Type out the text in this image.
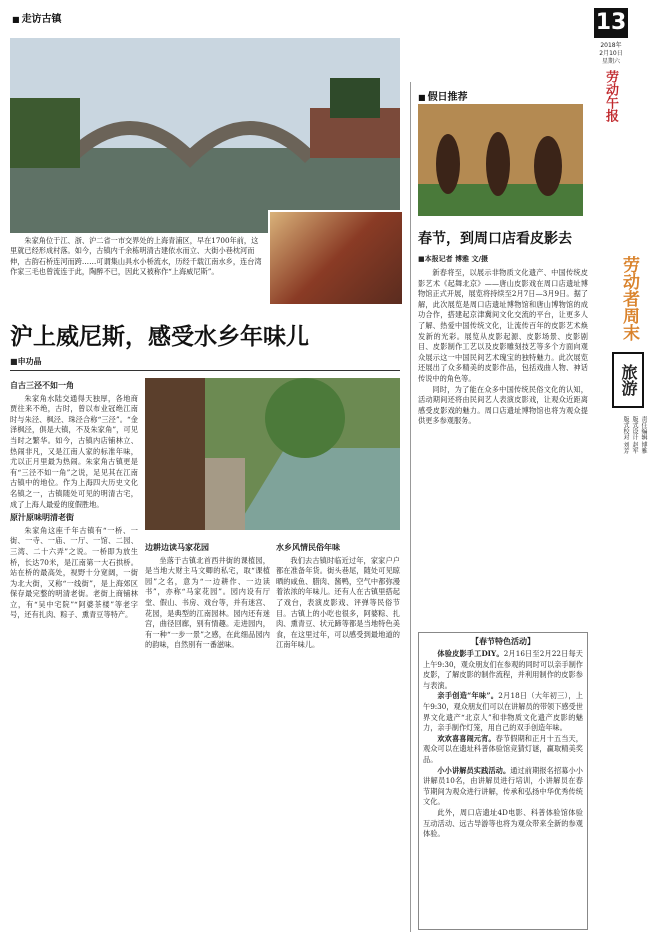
■ 走访古镇
朱家角位于江、浙、沪二省一市交界处的上海青浦区，早在1700年前，这里就已经形成村落。如今，古镇内千余栋明清古建依水而立、大街小巷枕河而伸，古韵石桥连河而跨……可谓集山具水小桥流水，历经千载江南水乡，连台湾作家三毛也曾流连于此，陶醉不已，因此又被称作“上海威尼斯”。
沪上威尼斯，感受水乡年味儿
■申功晶
自古三泾不如一角

朱家角水陆交通得天独厚，各地商贾往来不绝，古时，曾以布业冠绝江南时与朱泾、枫泾、珠泾合称“三泾”。“金泽枫泾，俱是大镇，不及朱家角”，可见当时之繁华。如今，古镇内店铺林立、热闹非凡，又是江南人家的标准年味，尤以正月里最为热闹。朱家角古镇更是有“三泾不如一角”之说，足见其在江南古镇中的地位。作为上海四大历史文化名镇之一，古镇随处可见的明清古宅，成了上海人最爱的度假胜地。

原汁原味明清老街

朱家角这座千年古镇有“一桥、一街、一寺、一庙、一厅、一馆、二园、三湾、二十六弄”之说。一桥即为放生桥，长达70米，是江南第一大石拱桥。站在桥的最高处，视野十分宽阔，一街为北大街，又称“一线街”，是上海郊区保存最完整的明清老街。老街上商铺林立，有“吴中宅院”“阿婆茶楼”等老字号，还有扎肉、粽子、熏青豆等特产。

边耕边读马家花园

坐落于古镇北首西井街的课植园，是当地大财主马文卿的私宅，取“课植园”之名，意为“一边耕作、一边读书”，亦称“马家花园”。园内设有厅堂、假山、书房、戏台等，并有迷宫、花园，是典型的江南园林。园内还有迷宫，曲径回廊，别有情趣。走进园内，有一种“一步一景”之感，在此细品园内的韵味，自然别有一番滋味。

水乡风情民俗年味

我们去古镇时临近过年，家家户户都在准备年货。街头巷尾，随处可见晾晒的咸鱼、腊肉、酱鸭，空气中都弥漫着浓浓的年味儿。还有人在古镇里搭起了戏台，表演皮影戏、评弹等民俗节目。古镇上的小吃也很多，阿婆粽、扎肉、熏青豆、状元蹄等都是当地特色美食，在这里过年，可以感受到最地道的江南年味儿。

13
2018年
2月10日
星期六
劳动午报
■ 假日推荐
春节，到周口店看皮影去
■本报记者 博雅 文/摄

新春将至，以展示非物质文化遗产、中国传统皮影艺术《起舞北京》——唐山皮影戏在周口店遗址博物馆正式开展，展览将持续至2月7日—3月9日。据了解，此次展览是周口店遗址博物馆和唐山博物馆的成功合作，搭建起京津冀间文化交流的平台，让更多人了解、热爱中国传统文化，让流传百年的皮影艺术焕发新的光彩。展览从皮影起源、皮影场景、皮影剧目、皮影制作工艺以及皮影雕刻技艺等多个方面向观众展示这一中国民间艺术瑰宝的独特魅力。此次展览还展出了众多精美的皮影作品，包括戏曲人物、神话传说中的角色等。

同时，为了能在众多中国传统民俗文化的认知，活动期间还将由民间艺人表演皮影戏，让观众近距离感受皮影戏的魅力。周口店遗址博物馆也将为观众提供更多参观服务。

【春节特色活动】

体验皮影手工DIY。2月16日至2月22日每天上午9:30，观众朋友们在参观的同时可以亲手制作皮影，了解皮影的制作流程，并利用制作的皮影参与表演。

亲手创造“年味”。2月18日（大年初三），上午9:30，观众朋友们可以在讲解员的带领下感受世界文化遗产“北京人”和非物质文化遗产皮影的魅力，亲手制作灯笼，用自己的双手创造年味。

欢欢喜喜闹元宵。春节假期和正月十五当天，观众可以在遗址科普体验馆竞猜灯谜，赢取精美奖品。

小小讲解员实践活动。通过前期报名招募小小讲解员10名，由讲解员进行培训，小讲解员在春节期间为观众进行讲解，传承和弘扬中华优秀传统文化。

此外，周口店遗址4D电影、科普体验馆体验互动活动、远古导游等也将为观众带来全新的参观体验。

劳动者周末
旅游
责任编辑 博雅
版式设计 赵军
版式校对 刘芳
